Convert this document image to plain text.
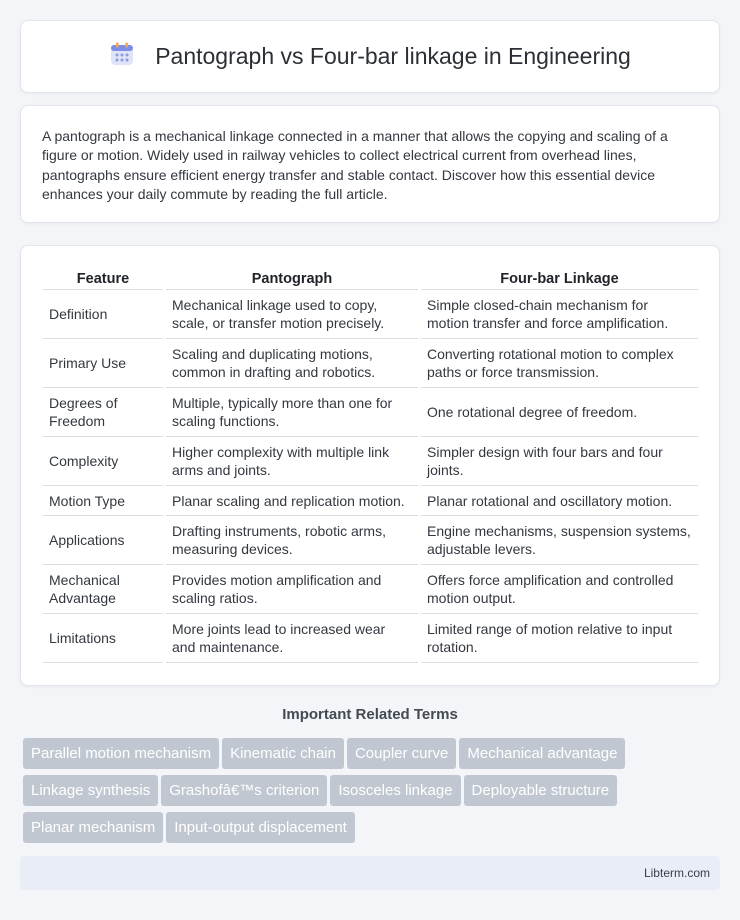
Pantograph vs Four-bar linkage in Engineering

A pantograph is a mechanical linkage connected in a manner that allows the copying and scaling of a figure or motion. Widely used in railway vehicles to collect electrical current from overhead lines, pantographs ensure efficient energy transfer and stable contact. Discover how this essential device enhances your daily commute by reading the full article.

Feature	Pantograph	Four-bar Linkage
Definition	Mechanical linkage used to copy, scale, or transfer motion precisely.	Simple closed-chain mechanism for motion transfer and force amplification.
Primary Use	Scaling and duplicating motions, common in drafting and robotics.	Converting rotational motion to complex paths or force transmission.
Degrees of Freedom	Multiple, typically more than one for scaling functions.	One rotational degree of freedom.
Complexity	Higher complexity with multiple link arms and joints.	Simpler design with four bars and four joints.
Motion Type	Planar scaling and replication motion.	Planar rotational and oscillatory motion.
Applications	Drafting instruments, robotic arms, measuring devices.	Engine mechanisms, suspension systems, adjustable levers.
Mechanical Advantage	Provides motion amplification and scaling ratios.	Offers force amplification and controlled motion output.
Limitations	More joints lead to increased wear and maintenance.	Limited range of motion relative to input rotation.
Important Related Terms
Parallel motion mechanism Kinematic chain Coupler curve Mechanical advantage
Linkage synthesis Grashofâ€™s criterion Isosceles linkage Deployable structure
Planar mechanism Input-output displacement
Libterm.com
